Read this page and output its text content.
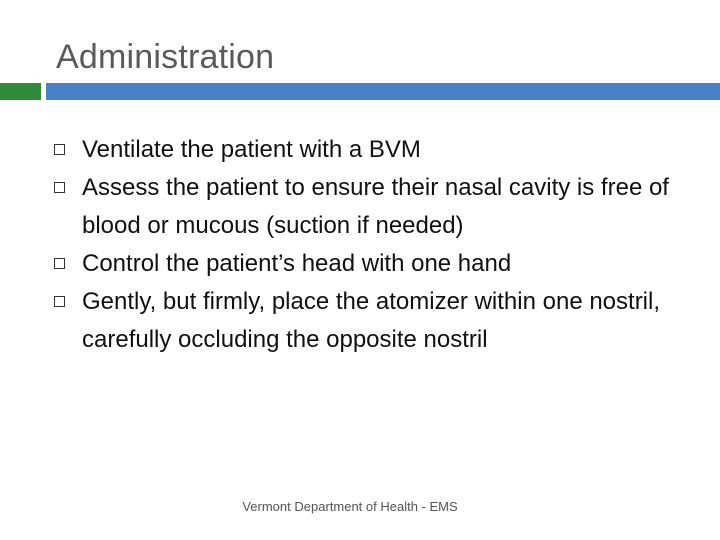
Administration
Ventilate the patient with a BVM
Assess the patient to ensure their nasal cavity is free of blood or mucous (suction if needed)
Control the patient’s head with one hand
Gently, but firmly, place the atomizer within one nostril, carefully occluding the opposite nostril
Vermont Department of Health - EMS
